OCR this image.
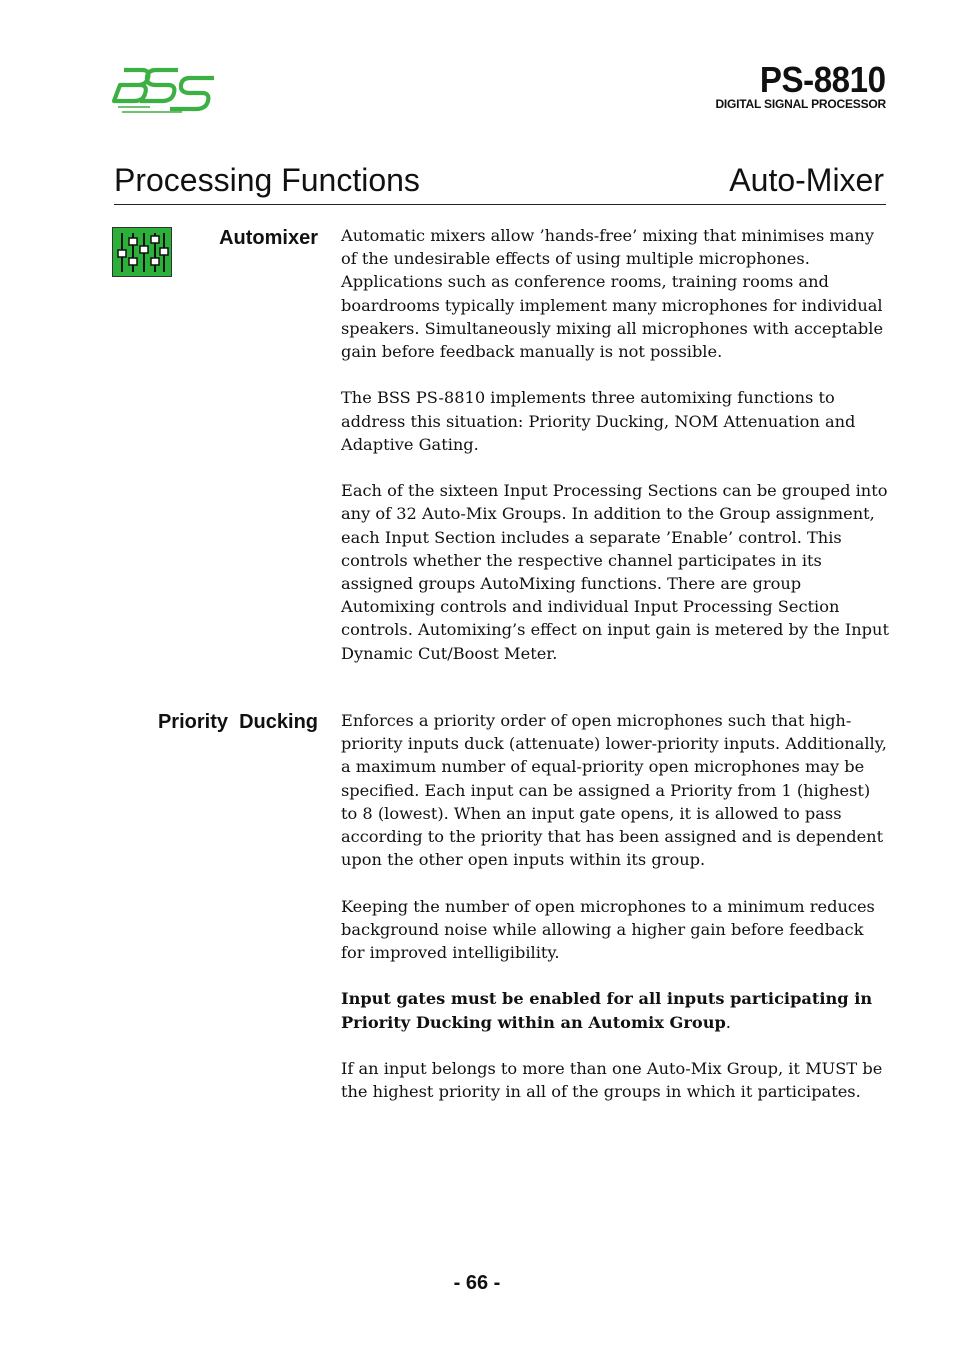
PS-8810
DIGITAL SIGNAL PROCESSOR
Processing Functions	Auto-Mixer
Automixer Automatic mixers allow ’hands-free’ mixing that minimises many of the undesirable effects of using multiple microphones. Applications such as conference rooms, training rooms and boardrooms typically implement many microphones for individual speakers. Simultaneously mixing all microphones with acceptable gain before feedback manually is not possible.

The BSS PS-8810 implements three automixing functions to address this situation: Priority Ducking, NOM Attenuation and Adaptive Gating.

Each of the sixteen Input Processing Sections can be grouped into any of 32 Auto-Mix Groups. In addition to the Group assignment, each Input Section includes a separate ’Enable’ control. This controls whether the respective channel participates in its assigned groups AutoMixing functions. There are group Automixing controls and individual Input Processing Section controls. Automixing’s effect on input gain is metered by the Input Dynamic Cut/Boost Meter.

Priority  Ducking Enforces a priority order of open microphones such that high-priority inputs duck (attenuate) lower-priority inputs. Additionally, a maximum number of equal-priority open microphones may be specified. Each input can be assigned a Priority from 1 (highest) to 8 (lowest). When an input gate opens, it is allowed to pass according to the priority that has been assigned and is dependent upon the other open inputs within its group.

Keeping the number of open microphones to a minimum reduces background noise while allowing a higher gain before feedback for improved intelligibility.

Input gates must be enabled for all inputs participating in Priority Ducking within an Automix Group.

If an input belongs to more than one Auto-Mix Group, it MUST be the highest priority in all of the groups in which it participates.

- 66 -
